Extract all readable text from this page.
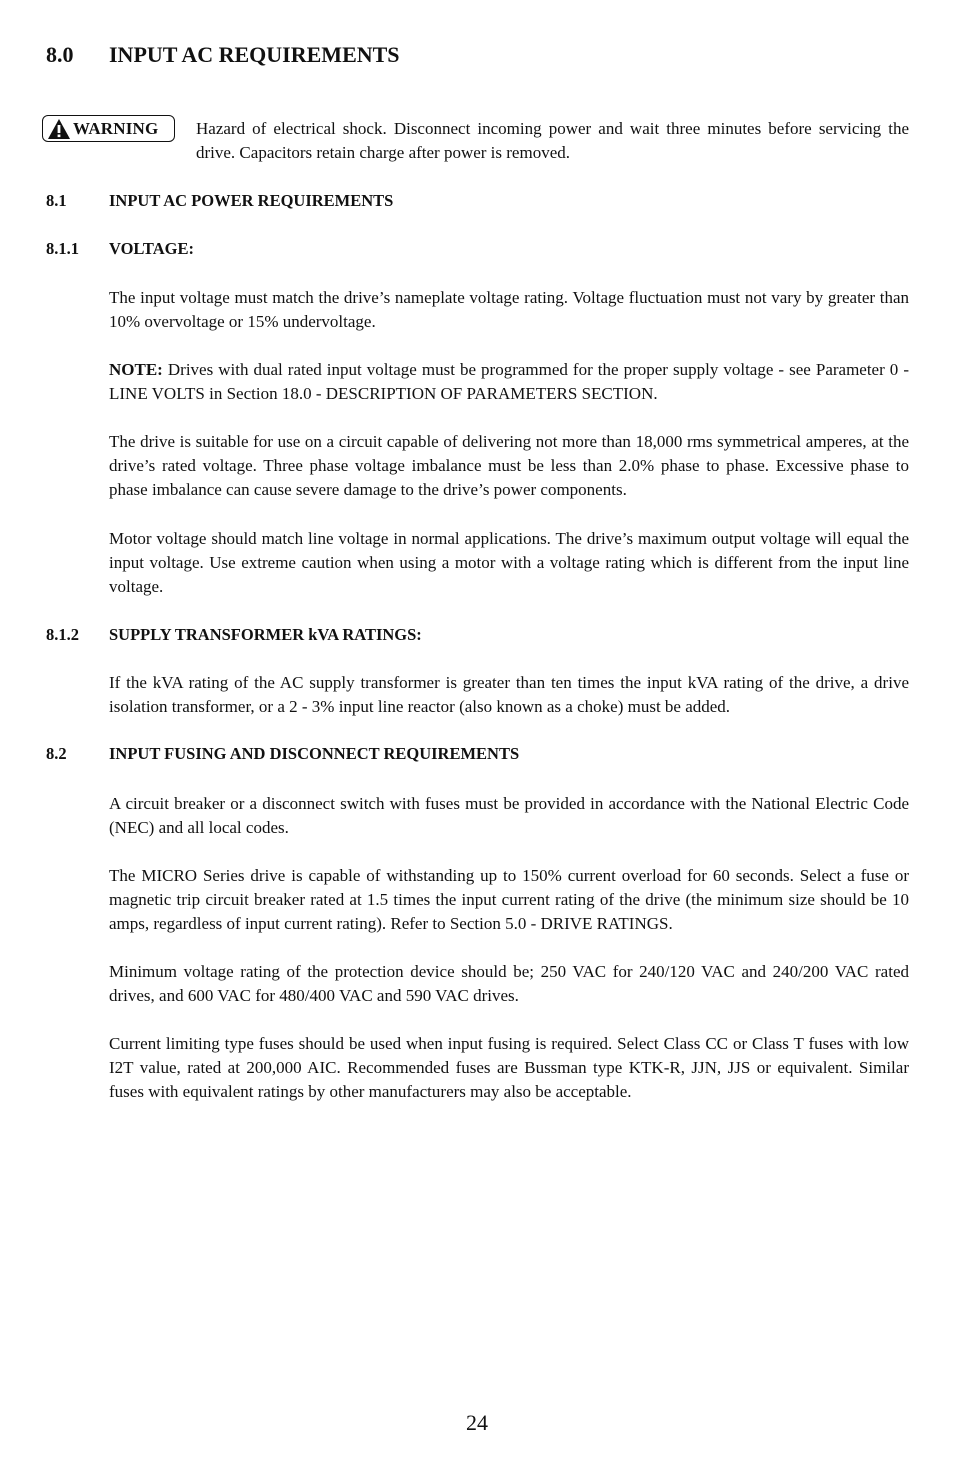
8.0 INPUT AC REQUIREMENTS
WARNING Hazard of electrical shock. Disconnect incoming power and wait three minutes before servicing the drive. Capacitors retain charge after power is removed.
8.1	INPUT AC POWER REQUIREMENTS
8.1.1 VOLTAGE:

The input voltage must match the drive’s nameplate voltage rating. Voltage fluctuation must not vary by greater than 10% overvoltage or 15% undervoltage.

NOTE: Drives with dual rated input voltage must be programmed for the proper supply voltage - see Parameter 0 - LINE VOLTS in Section 18.0 - DESCRIPTION OF PARAMETERS SECTION.

The drive is suitable for use on a circuit capable of delivering not more than 18,000 rms symmetrical amperes, at the drive’s rated voltage. Three phase voltage imbalance must be less than 2.0% phase to phase. Excessive phase to phase imbalance can cause severe damage to the drive’s power components.

Motor voltage should match line voltage in normal applications. The drive’s maximum output voltage will equal the input voltage. Use extreme caution when using a motor with a voltage rating which is different from the input line voltage.

8.1.2 SUPPLY TRANSFORMER kVA RATINGS:

If the kVA rating of the AC supply transformer is greater than ten times the input kVA rating of the drive, a drive isolation transformer, or a 2 - 3% input line reactor (also known as a choke) must be added.

8.2	INPUT FUSING AND DISCONNECT REQUIREMENTS

A circuit breaker or a disconnect switch with fuses must be provided in accordance with the National Electric Code (NEC) and all local codes.

The MICRO Series drive is capable of withstanding up to 150% current overload for 60 seconds. Select a fuse or magnetic trip circuit breaker rated at 1.5 times the input current rating of the drive (the minimum size should be 10 amps, regardless of input current rating). Refer to Section 5.0 - DRIVE RATINGS.

Minimum voltage rating of the protection device should be; 250 VAC for 240/120 VAC and 240/200 VAC rated drives, and 600 VAC for 480/400 VAC and 590 VAC drives.

Current limiting type fuses should be used when input fusing is required. Select Class CC or Class T fuses with low I2T value, rated at 200,000 AIC. Recommended fuses are Bussman type KTK-R, JJN, JJS or equivalent. Similar fuses with equivalent ratings by other manufacturers may also be acceptable.

24
